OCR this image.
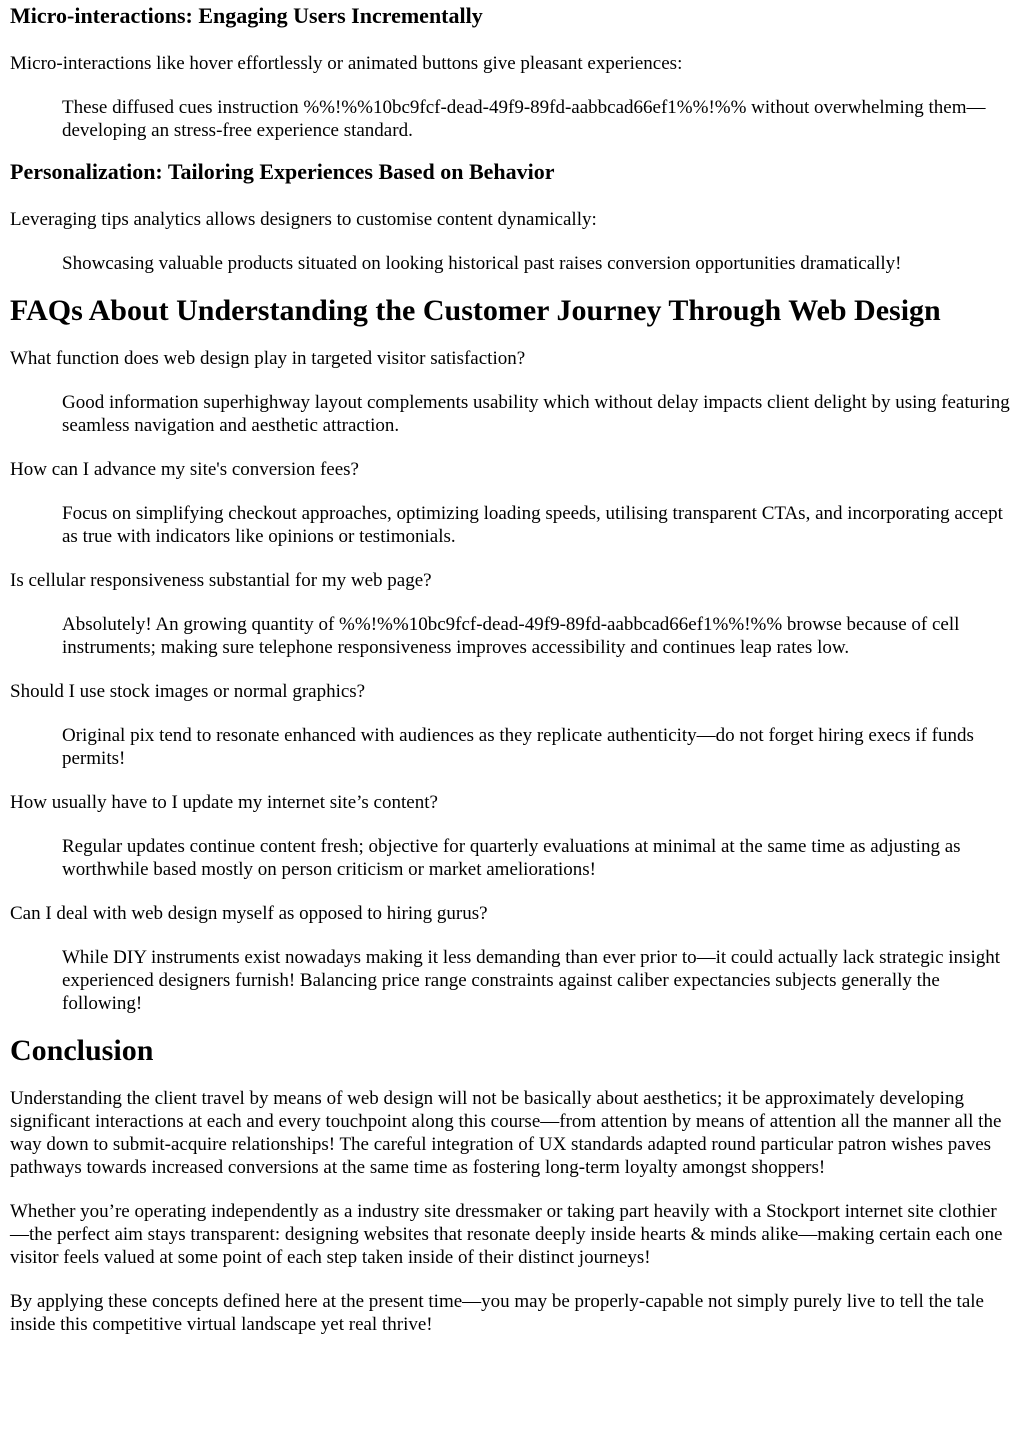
Micro-interactions: Engaging Users Incrementally

Micro-interactions like hover effortlessly or animated buttons give pleasant experiences:

These diffused cues instruction %%!%%10bc9fcf-dead-49f9-89fd-aabbcad66ef1%%!%% without overwhelming them—developing an stress-free experience standard.
Personalization: Tailoring Experiences Based on Behavior

Leveraging tips analytics allows designers to customise content dynamically:

Showcasing valuable products situated on looking historical past raises conversion opportunities dramatically!
FAQs About Understanding the Customer Journey Through Web Design

What function does web design play in targeted visitor satisfaction?

Good information superhighway layout complements usability which without delay impacts client delight by using featuring seamless navigation and aesthetic attraction.

How can I advance my site's conversion fees?

Focus on simplifying checkout approaches, optimizing loading speeds, utilising transparent CTAs, and incorporating accept as true with indicators like opinions or testimonials.

Is cellular responsiveness substantial for my web page?

Absolutely! An growing quantity of %%!%%10bc9fcf-dead-49f9-89fd-aabbcad66ef1%%!%% browse because of cell instruments; making sure telephone responsiveness improves accessibility and continues leap rates low.

Should I use stock images or normal graphics?

Original pix tend to resonate enhanced with audiences as they replicate authenticity—do not forget hiring execs if funds permits!

How usually have to I update my internet site’s content?

Regular updates continue content fresh; objective for quarterly evaluations at minimal at the same time as adjusting as worthwhile based mostly on person criticism or market ameliorations!

Can I deal with web design myself as opposed to hiring gurus?

While DIY instruments exist nowadays making it less demanding than ever prior to—it could actually lack strategic insight experienced designers furnish! Balancing price range constraints against caliber expectancies subjects generally the following!
Conclusion

Understanding the client travel by means of web design will not be basically about aesthetics; it be approximately developing significant interactions at each and every touchpoint along this course—from attention by means of attention all the manner all the way down to submit-acquire relationships! The careful integration of UX standards adapted round particular patron wishes paves pathways towards increased conversions at the same time as fostering long-term loyalty amongst shoppers!

Whether you’re operating independently as a industry site dressmaker or taking part heavily with a Stockport internet site clothier—the perfect aim stays transparent: designing websites that resonate deeply inside hearts & minds alike—making certain each one visitor feels valued at some point of each step taken inside of their distinct journeys!

By applying these concepts defined here at the present time—you may be properly-capable not simply purely live to tell the tale inside this competitive virtual landscape yet real thrive!
